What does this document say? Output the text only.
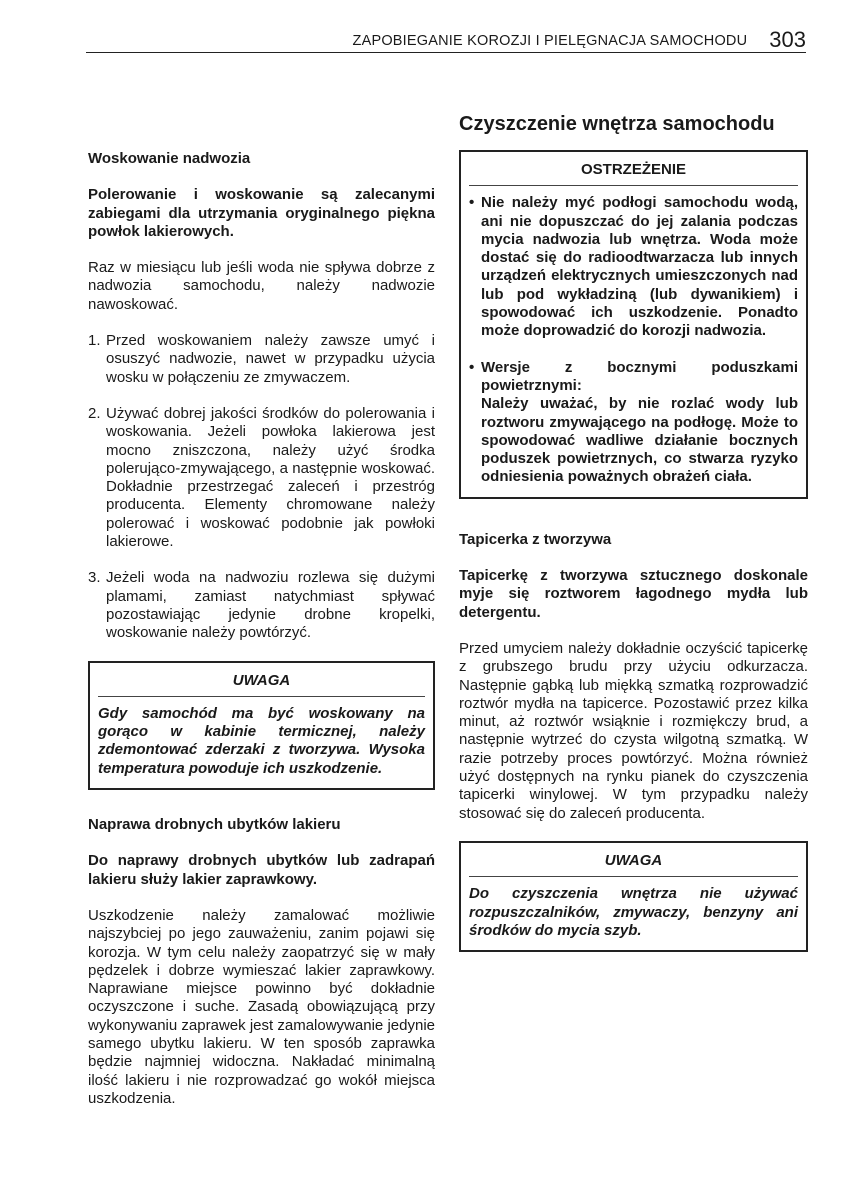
ZAPOBIEGANIE KOROZJI I PIELĘGNACJA SAMOCHODU 303

Woskowanie nadwozia

Polerowanie i woskowanie są zalecanymi zabiegami dla utrzymania oryginalnego piękna powłok lakierowych.

Raz w miesiącu lub jeśli woda nie spływa dobrze z nadwozia samochodu, należy nadwozie nawoskować.

1. Przed woskowaniem należy zawsze umyć i osuszyć nadwozie, nawet w przypadku użycia wosku w połączeniu ze zmywaczem.
2. Używać dobrej jakości środków do polerowania i woskowania. Jeżeli powłoka lakierowa jest mocno zniszczona, należy użyć środka polerująco-zmywającego, a następnie woskować. Dokładnie przestrzegać zaleceń i przestróg producenta. Elementy chromowane należy polerować i woskować podobnie jak powłoki lakierowe.
3. Jeżeli woda na nadwoziu rozlewa się dużymi plamami, zamiast natychmiast spływać pozostawiając jedynie drobne kropelki, woskowanie należy powtórzyć.
UWAGA

Gdy samochód ma być woskowany na gorąco w kabinie termicznej, należy zdemontować zderzaki z tworzywa. Wysoka temperatura powoduje ich uszkodzenie.

Naprawa drobnych ubytków lakieru

Do naprawy drobnych ubytków lub zadrapań lakieru służy lakier zaprawkowy.

Uszkodzenie należy zamalować możliwie najszybciej po jego zauważeniu, zanim pojawi się korozja. W tym celu należy zaopatrzyć się w mały pędzelek i dobrze wymieszać lakier zaprawkowy. Naprawiane miejsce powinno być dokładnie oczyszczone i suche. Zasadą obowiązującą przy wykonywaniu zaprawek jest zamalowywanie jedynie samego ubytku lakieru. W ten sposób zaprawka będzie najmniej widoczna. Nakładać minimalną ilość lakieru i nie rozprowadzać go wokół miejsca uszkodzenia.

Czyszczenie wnętrza samochodu

OSTRZEŻENIE
• Nie należy myć podłogi samochodu wodą, ani nie dopuszczać do jej zalania podczas mycia nadwozia lub wnętrza. Woda może dostać się do radioodtwarzacza lub innych urządzeń elektrycznych umieszczonych nad lub pod wykładziną (lub dywanikiem) i spowodować ich uszkodzenie. Ponadto może doprowadzić do korozji nadwozia.
• Wersje z bocznymi poduszkami powietrznymi:
Należy uważać, by nie rozlać wody lub roztworu zmywającego na podłogę. Może to spowodować wadliwe działanie bocznych poduszek powietrznych, co stwarza ryzyko odniesienia poważnych obrażeń ciała.

Tapicerka z tworzywa

Tapicerkę z tworzywa sztucznego doskonale myje się roztworem łagodnego mydła lub detergentu.

Przed umyciem należy dokładnie oczyścić tapicerkę z grubszego brudu przy użyciu odkurzacza. Następnie gąbką lub miękką szmatką rozprowadzić roztwór mydła na tapicerce. Pozostawić przez kilka minut, aż roztwór wsiąknie i rozmiękczy brud, a następnie wytrzeć do czysta wilgotną szmatką. W razie potrzeby proces powtórzyć. Można również użyć dostępnych na rynku pianek do czyszczenia tapicerki winylowej. W tym przypadku należy stosować się do zaleceń producenta.

UWAGA

Do czyszczenia wnętrza nie używać rozpuszczalników, zmywaczy, benzyny ani środków do mycia szyb.
